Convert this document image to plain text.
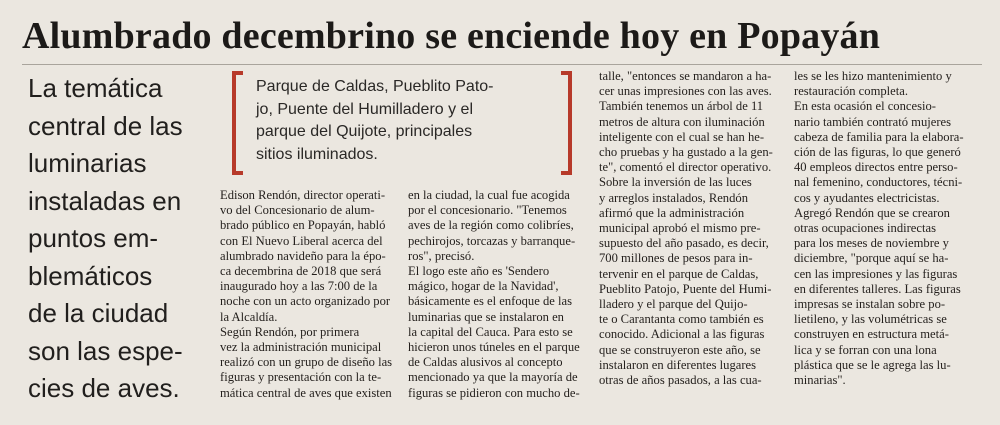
Alumbrado decembrino se enciende hoy en Popayán
La temática
central de las
luminarias
instaladas en
puntos em-
blemáticos
de la ciudad
son las espe-
cies de aves.
Parque de Caldas, Pueblito Pato-
jo, Puente del Humilladero y el
parque del Quijote, principales
sitios iluminados.
Edison Rendón, director operati-
vo del Concesionario de alum-
brado público en Popayán, habló
con El Nuevo Liberal acerca del
alumbrado navideño para la épo-
ca decembrina de 2018 que será
inaugurado hoy a las 7:00 de la
noche con un acto organizado por
la Alcaldía.
Según Rendón, por primera
vez la administración municipal
realizó con un grupo de diseño las
figuras y presentación con la te-
mática central de aves que existen
en la ciudad, la cual fue acogida
por el concesionario. "Tenemos
aves de la región como colibríes,
pechirojos, torcazas y barranque-
ros", precisó.
El logo este año es 'Sendero
mágico, hogar de la Navidad',
básicamente es el enfoque de las
luminarias que se instalaron en
la capital del Cauca. Para esto se
hicieron unos túneles en el parque
de Caldas alusivos al concepto
mencionado ya que la mayoría de
figuras se pidieron con mucho de-
talle, "entonces se mandaron a ha-
cer unas impresiones con las aves.
También tenemos un árbol de 11
metros de altura con iluminación
inteligente con el cual se han he-
cho pruebas y ha gustado a la gen-
te", comentó el director operativo.
Sobre la inversión de las luces
y arreglos instalados, Rendón
afirmó que la administración
municipal aprobó el mismo pre-
supuesto del año pasado, es decir,
700 millones de pesos para in-
tervenir en el parque de Caldas,
Pueblito Patojo, Puente del Humi-
lladero y el parque del Quijo-
te o Carantanta como también es
conocido. Adicional a las figuras
que se construyeron este año, se
instalaron en diferentes lugares
otras de años pasados, a las cua-
les se les hizo mantenimiento y
restauración completa.
En esta ocasión el concesio-
nario también contrató mujeres
cabeza de familia para la elabora-
ción de las figuras, lo que generó
40 empleos directos entre perso-
nal femenino, conductores, técni-
cos y ayudantes electricistas.
Agregó Rendón que se crearon
otras ocupaciones indirectas
para los meses de noviembre y
diciembre, "porque aquí se ha-
cen las impresiones y las figuras
en diferentes talleres. Las figuras
impresas se instalan sobre po-
lietileno, y las volumétricas se
construyen en estructura metá-
lica y se forran con una lona
plástica que se le agrega las lu-
minarias".
